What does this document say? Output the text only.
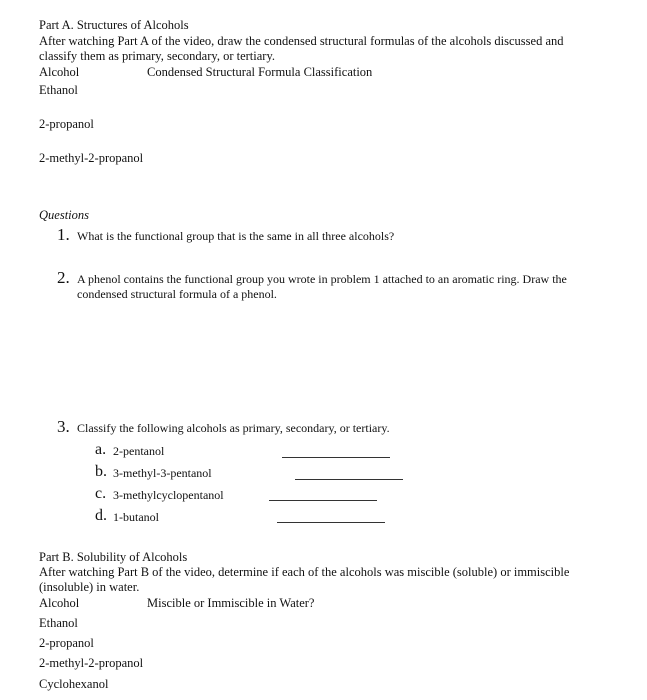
Part A. Structures of Alcohols
After watching Part A of the video, draw the condensed structural formulas of the alcohols discussed and classify them as primary, secondary, or tertiary.
Alcohol	Condensed Structural Formula Classification
Ethanol
2-propanol
2-methyl-2-propanol
Questions
1. What is the functional group that is the same in all three alcohols?
2. A phenol contains the functional group you wrote in problem 1 attached to an aromatic ring. Draw the condensed structural formula of a phenol.
3. Classify the following alcohols as primary, secondary, or tertiary.
a. 2-pentanol
b. 3-methyl-3-pentanol
c. 3-methylcyclopentanol
d. 1-butanol
Part B. Solubility of Alcohols
After watching Part B of the video, determine if each of the alcohols was miscible (soluble) or immiscible (insoluble) in water.
Alcohol	Miscible or Immiscible in Water?
Ethanol
2-propanol
2-methyl-2-propanol
Cyclohexanol
